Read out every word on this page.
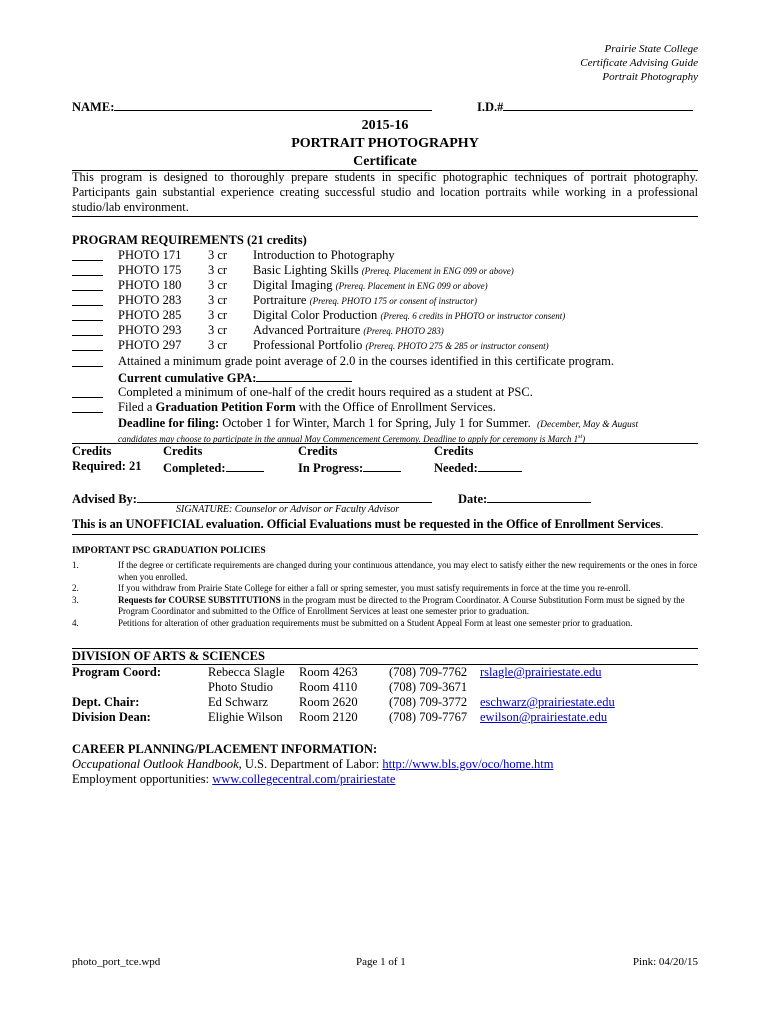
Prairie State College
Certificate Advising Guide
Portrait Photography
NAME:	I.D.#
2015-16
PORTRAIT PHOTOGRAPHY
Certificate
This program is designed to thoroughly prepare students in specific photographic techniques of portrait photography. Participants gain substantial experience creating successful studio and location portraits while working in a professional studio/lab environment.
PROGRAM REQUIREMENTS (21 credits)
PHOTO 171 3 cr Introduction to Photography
PHOTO 175 3 cr Basic Lighting Skills (Prereq. Placement in ENG 099 or above)
PHOTO 180 3 cr Digital Imaging (Prereq. Placement in ENG 099 or above)
PHOTO 283 3 cr Portraiture (Prereq. PHOTO 175 or consent of instructor)
PHOTO 285 3 cr Digital Color Production (Prereq. 6 credits in PHOTO or instructor consent)
PHOTO 293 3 cr Advanced Portraiture (Prereq. PHOTO 283)
PHOTO 297 3 cr Professional Portfolio (Prereq. PHOTO 275 & 285 or instructor consent)
Attained a minimum grade point average of 2.0 in the courses identified in this certificate program.
Current cumulative GPA:
Completed a minimum of one-half of the credit hours required as a student at PSC.
Filed a Graduation Petition Form with the Office of Enrollment Services.
Deadline for filing: October 1 for Winter, March 1 for Spring, July 1 for Summer. (December, May & August
candidates may choose to participate in the annual May Commencement Ceremony. Deadline to apply for ceremony is March 1st)
Credits
Required: 21
Credits
Completed:
Credits
In Progress:
Credits
Needed:
Advised By:	Date:
SIGNATURE: Counselor or Advisor or Faculty Advisor
This is an UNOFFICIAL evaluation. Official Evaluations must be requested in the Office of Enrollment Services.
IMPORTANT PSC GRADUATION POLICIES
1.	If the degree or certificate requirements are changed during your continuous attendance, you may elect to satisfy either the new requirements or the ones in force when you enrolled.
2.	If you withdraw from Prairie State College for either a fall or spring semester, you must satisfy requirements in force at the time you re-enroll.
3.	Requests for COURSE SUBSTITUTIONS in the program must be directed to the Program Coordinator. A Course Substitution Form must be signed by the Program Coordinator and submitted to the Office of Enrollment Services at least one semester prior to graduation.
4.	Petitions for alteration of other graduation requirements must be submitted on a Student Appeal Form at least one semester prior to graduation.
DIVISION OF ARTS & SCIENCES
Program Coord:	Rebecca Slagle Room 4263	(708) 709-7762 rslagle@prairiestate.edu
Photo Studio Room 4110	(708) 709-3671
Dept. Chair:	Ed Schwarz Room 2620	(708) 709-3772 eschwarz@prairiestate.edu
Division Dean:	Elighie Wilson Room 2120	(708) 709-7767 ewilson@prairiestate.edu
CAREER PLANNING/PLACEMENT INFORMATION:
Occupational Outlook Handbook, U.S. Department of Labor: http://www.bls.gov/oco/home.htm
Employment opportunities: www.collegecentral.com/prairiestate
photo_port_tce.wpd	Page 1 of 1	Pink: 04/20/15
